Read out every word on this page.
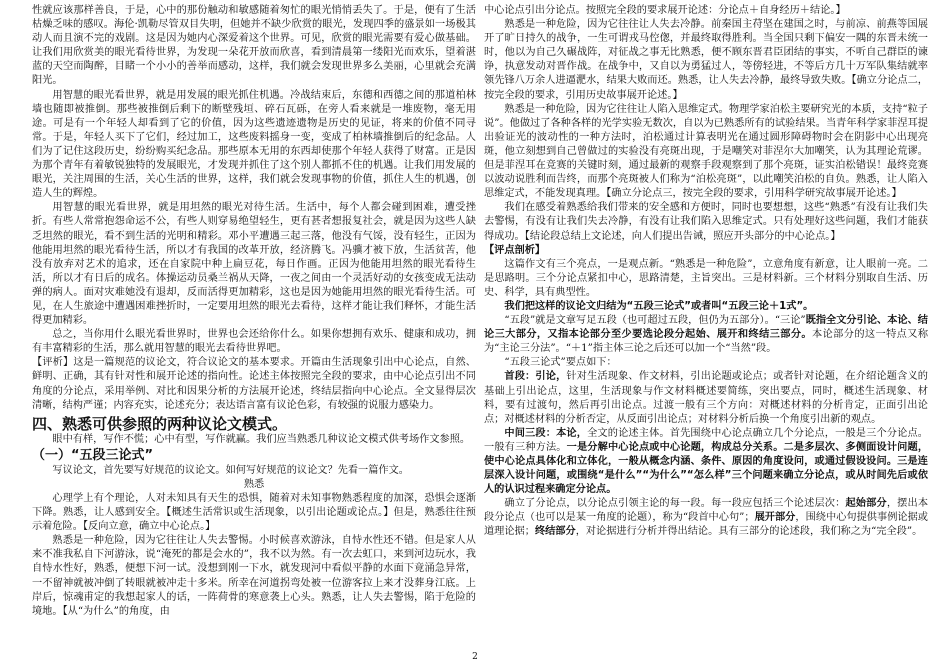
性就应该那样善良，于是，心中的那份触动和敏感随着匆忙的眼光悄悄丢失了。于是，便有了生活枯燥乏味的感叹。海伦·凯勒尽管双目失明，但她并不缺少欣赏的眼光，发现四季的盛景如一场极其动人而且演不完的戏剧。这是因为她内心深爱着这个世界。可见，欣赏的眼光需要有爱心做基础。让我们用欣赏美的眼光看待世界，为发现一朵花开放而欣喜，看到清晨第一缕阳光而欢乐，望着湛蓝的天空而陶醉，目睹一个小小的善举而感动，这样，我们就会发现世界多么美丽，心里就会充满阳光。

用智慧的眼光看世界，就是用发展的眼光抓住机遇。冷战结束后，东德和西德之间的那道柏林墙也随即被推倒。那些被推倒后剩下的断壁残垣、碎石瓦砾，在旁人看来就是一堆废物，毫无用途。可是有一个年轻人却看到了它的价值，因为这些遗迹遗物是历史的见证，将来的价值不同寻常。于是，年轻人买下了它们，经过加工，这些废料摇身一变，变成了柏林墙推倒后的纪念品。人们为了记住这段历史，纷纷购买纪念品。那些原本无用的东西却使那个年轻人获得了财富。正是因为那个青年有着敏锐独特的发展眼光，才发现并抓住了这个别人都抓不住的机遇。让我们用发展的眼光，关注周围的生活，关心生活的世界，这样，我们就会发现事物的价值，抓住人生的机遇，创造人生的辉煌。

用智慧的眼光看世界，就是用坦然的眼光对待生活。生活中，每个人都会碰到困难，遭受挫折。有些人常常抱怨命运不公，有些人则穿易绝望轻生，更有甚者想报复社会，就是因为这些人缺乏坦然的眼光，看不到生活的光明和精彩。邓小平遭遇三起三落，他没有气馁，没有轻生，正因为他能用坦然的眼光看待生活，所以才有我国的改革开放，经济腾飞。冯骥才被下放，生活贫苦，他没有放弃对艺术的追求，还在自家院中种上扁豆花，每日作画。正因为他能用坦然的眼光看待生活，所以才有日后的成名。体操运动员桑兰祸从天降，一夜之间由一个灵活好动的女孩变成无法动弹的病人。面对灾难她没有退却，反而活得更加精彩，这也是因为她能用坦然的眼光看待生活。可见，在人生旅途中遭遇困难挫折时，一定要用坦然的眼光去看待，这样才能让我们释怀，才能生活得更加精彩。

总之，当你用什么眼光看世界时，世界也会还给你什么。如果你想拥有欢乐、健康和成功，拥有丰富精彩的生活，那么就用智慧的眼光去看待世界吧。

【评析】这是一篇规范的议论文，符合议论文的基本要求。开篇由生活现象引出中心论点，自然、鲜明、正确，其有针对性和展开论述的指向性。论述主体按照完全段的要求，由中心论点引出不同角度的分论点，采用举例、对比和因果分析的方法展开论述，终结层指向中心论点。全文显得层次清晰，结构严谨；内容充实，论述充分；表达语言富有议论色彩，有较强的说服力感染力。

四、熟悉可供参照的两种议论文模式。

眼中有样，写作不慌；心中有型，写作就赢。我们应当熟悉几种议论文模式供考场作文参照。

（一）“五段三论式”

写议论文，首先要写好规范的议论文。如何写好规范的议论文？先看一篇作文。

熟悉

心理学上有个理论，人对未知具有天生的恐惧，随着对未知事物熟悉程度的加深，恐惧会逐渐下降。熟悉，让人感到安全。【概述生活常识或生活现象，以引出论题或论点。】但是，熟悉往往预示着危险。【反向立意，确立中心论点。】

熟悉是一种危险，因为它往往让人失去警惕。小时候喜欢游泳，自恃水性还不错。但是家人从来不准我私自下河游泳，说“淹死的都是会水的”，我不以为然。有一次去虹口，来到河边玩水，我自恃水性好，熟悉，便想下河一试。没想到刚一下水，就发现河中看似平静的水面下竟涌急异常，一不留神就被冲倒了转眼就被冲走十多米。所幸在河道拐弯处被一位游客拉上来才没葬身江底。上岸后，惊魂甫定的我想起家人的话，一阵荷骨的寒意袭上心头。熟悉，让人失去警惕，陷于危险的境地。【从“为什么”的角度，由

中心论点引出分论点。按照完全段的要求展开论述：分论点＋自身经历＋结论。】

熟悉是一种危险，因为它往往让人失去冷静。前秦国主苻坚在建国之时，与前凉、前燕等国展开了旷日持久的战争，一生可谓戎马倥偬，并最终取得胜利。当全国只剩下偏安一隅的东晋未统一时，他以为自己久碾战阵，对征战之事无比熟悉，便不顾东晋君臣团结的事实，不听自己群臣的谏诤，执意发动对晋作战。在战争中，又自以为勇猛过人，等傍轻进，不等后方几十万军队集结就率领先锋八万余人进逼淝水，结果大败而还。熟悉，让人失去冷静，最终导致失败。【确立分论点二，按完全段的要求，引用历史故事展开论述。】

熟悉是一种危险，因为它往往让人陷入思维定式。物理学家泊松主要研究光的本质，支持“粒子说”。他做过了各种各样的光学实验无数次，自以为已熟悉所有的试验结果。当青年科学家菲涅耳提出验证光的波动性的一种方法时，泊松通过计算表明光在通过圆形障碍物时会在阴影中心出现亮斑，他立刻想到自己曾做过的实验没有亮斑出现，于是嘲笑对菲涅尔大加嘲笑，认为其理论荒谬。但是菲涅耳在竞赛的关键时刻，通过最新的观察手段观察到了那个亮斑，证实泊松错误！最终竞赛以波动说胜利而告终，而那个亮斑被人们称为“泊松亮斑”，以此嘲笑泊松的自负。熟悉，让人陷入思维定式，不能发现真理。【确立分论点三，按完全段的要求，引用科学研究故事展开论述。】

我们在感受着熟悉给我们带来的安全感和方便时，同时也要想想，这些“熟悉”有没有让我们失去警惕，有没有让我们失去冷静，有没有让我们陷入思维定式。只有处理好这些问题，我们才能获得成功。【结论段总结上文论述，向人们提出告诫，照应开头部分的中心论点。】

【评点剖析】

这篇作文有三个亮点，一是观点新。“熟悉是一种危险”，立意角度有新意，让人眼前一亮。二是思路明。三个分论点紧扣中心，思路清楚，主旨突出。三是材料新。三个材料分别取自生活、历史、科学，具有典型性。

我们把这样的议论文归结为“五段三论式”或者叫“五段三论＋1式”。

“五段”就是文章写足五段（也可超过五段，但仍为五部分）。“三论”既指全文分引论、本论、结论三大部分，又指本论部分至少要选论段分起始、展开和终结三部分。本论部分的这一特点又称为“主论三分法”。“＋1”指主体三论之后还可以加一个“当然”段。

“五段三论式”要点如下：

首段：引论，针对生活现象、作文材料，引出论题或论点；或者针对论题，在介绍论题含义的基础上引出论点，这里，生活现象与作文材料概述要简练，突出要点，同时，概述生活现象、材料，要有过渡句，然后再引出论点。过渡一般有三个方向：对概述材料的分析肯定，正面引出论点；对概述材料的分析否定，从反面引出论点；对材料分析后换一个角度引出新的观点。

中间三段：本论，全文的论述主体。首先围绕中心论点确立几个分论点，一般是三个分论点。一般有三种方法。一是分解中心论点或中心论题，构成总分关系。二是多层次、多侧面设计问题，使中心论点具体化和立体化，一般从概念内涵、条件、原因的角度设问，或通过假设设问。三是连层深入设计问题，或围绕“是什么”“为什么”“怎么样”三个问题来确立分论点，或从时间先后或依人的认识过程来确定分论点。

确立了分论点，以分论点引领主论的每一段。每一段应包括三个论述层次：起始部分，摆出本段分论点（也可以是某一角度的论题），称为“段首中心句”；展开部分，围绕中心句提供事例论据或道理论据；终结部分，对论据进行分析并得出结论。具有三部分的论述段，我们称之为“完全段”。

2
